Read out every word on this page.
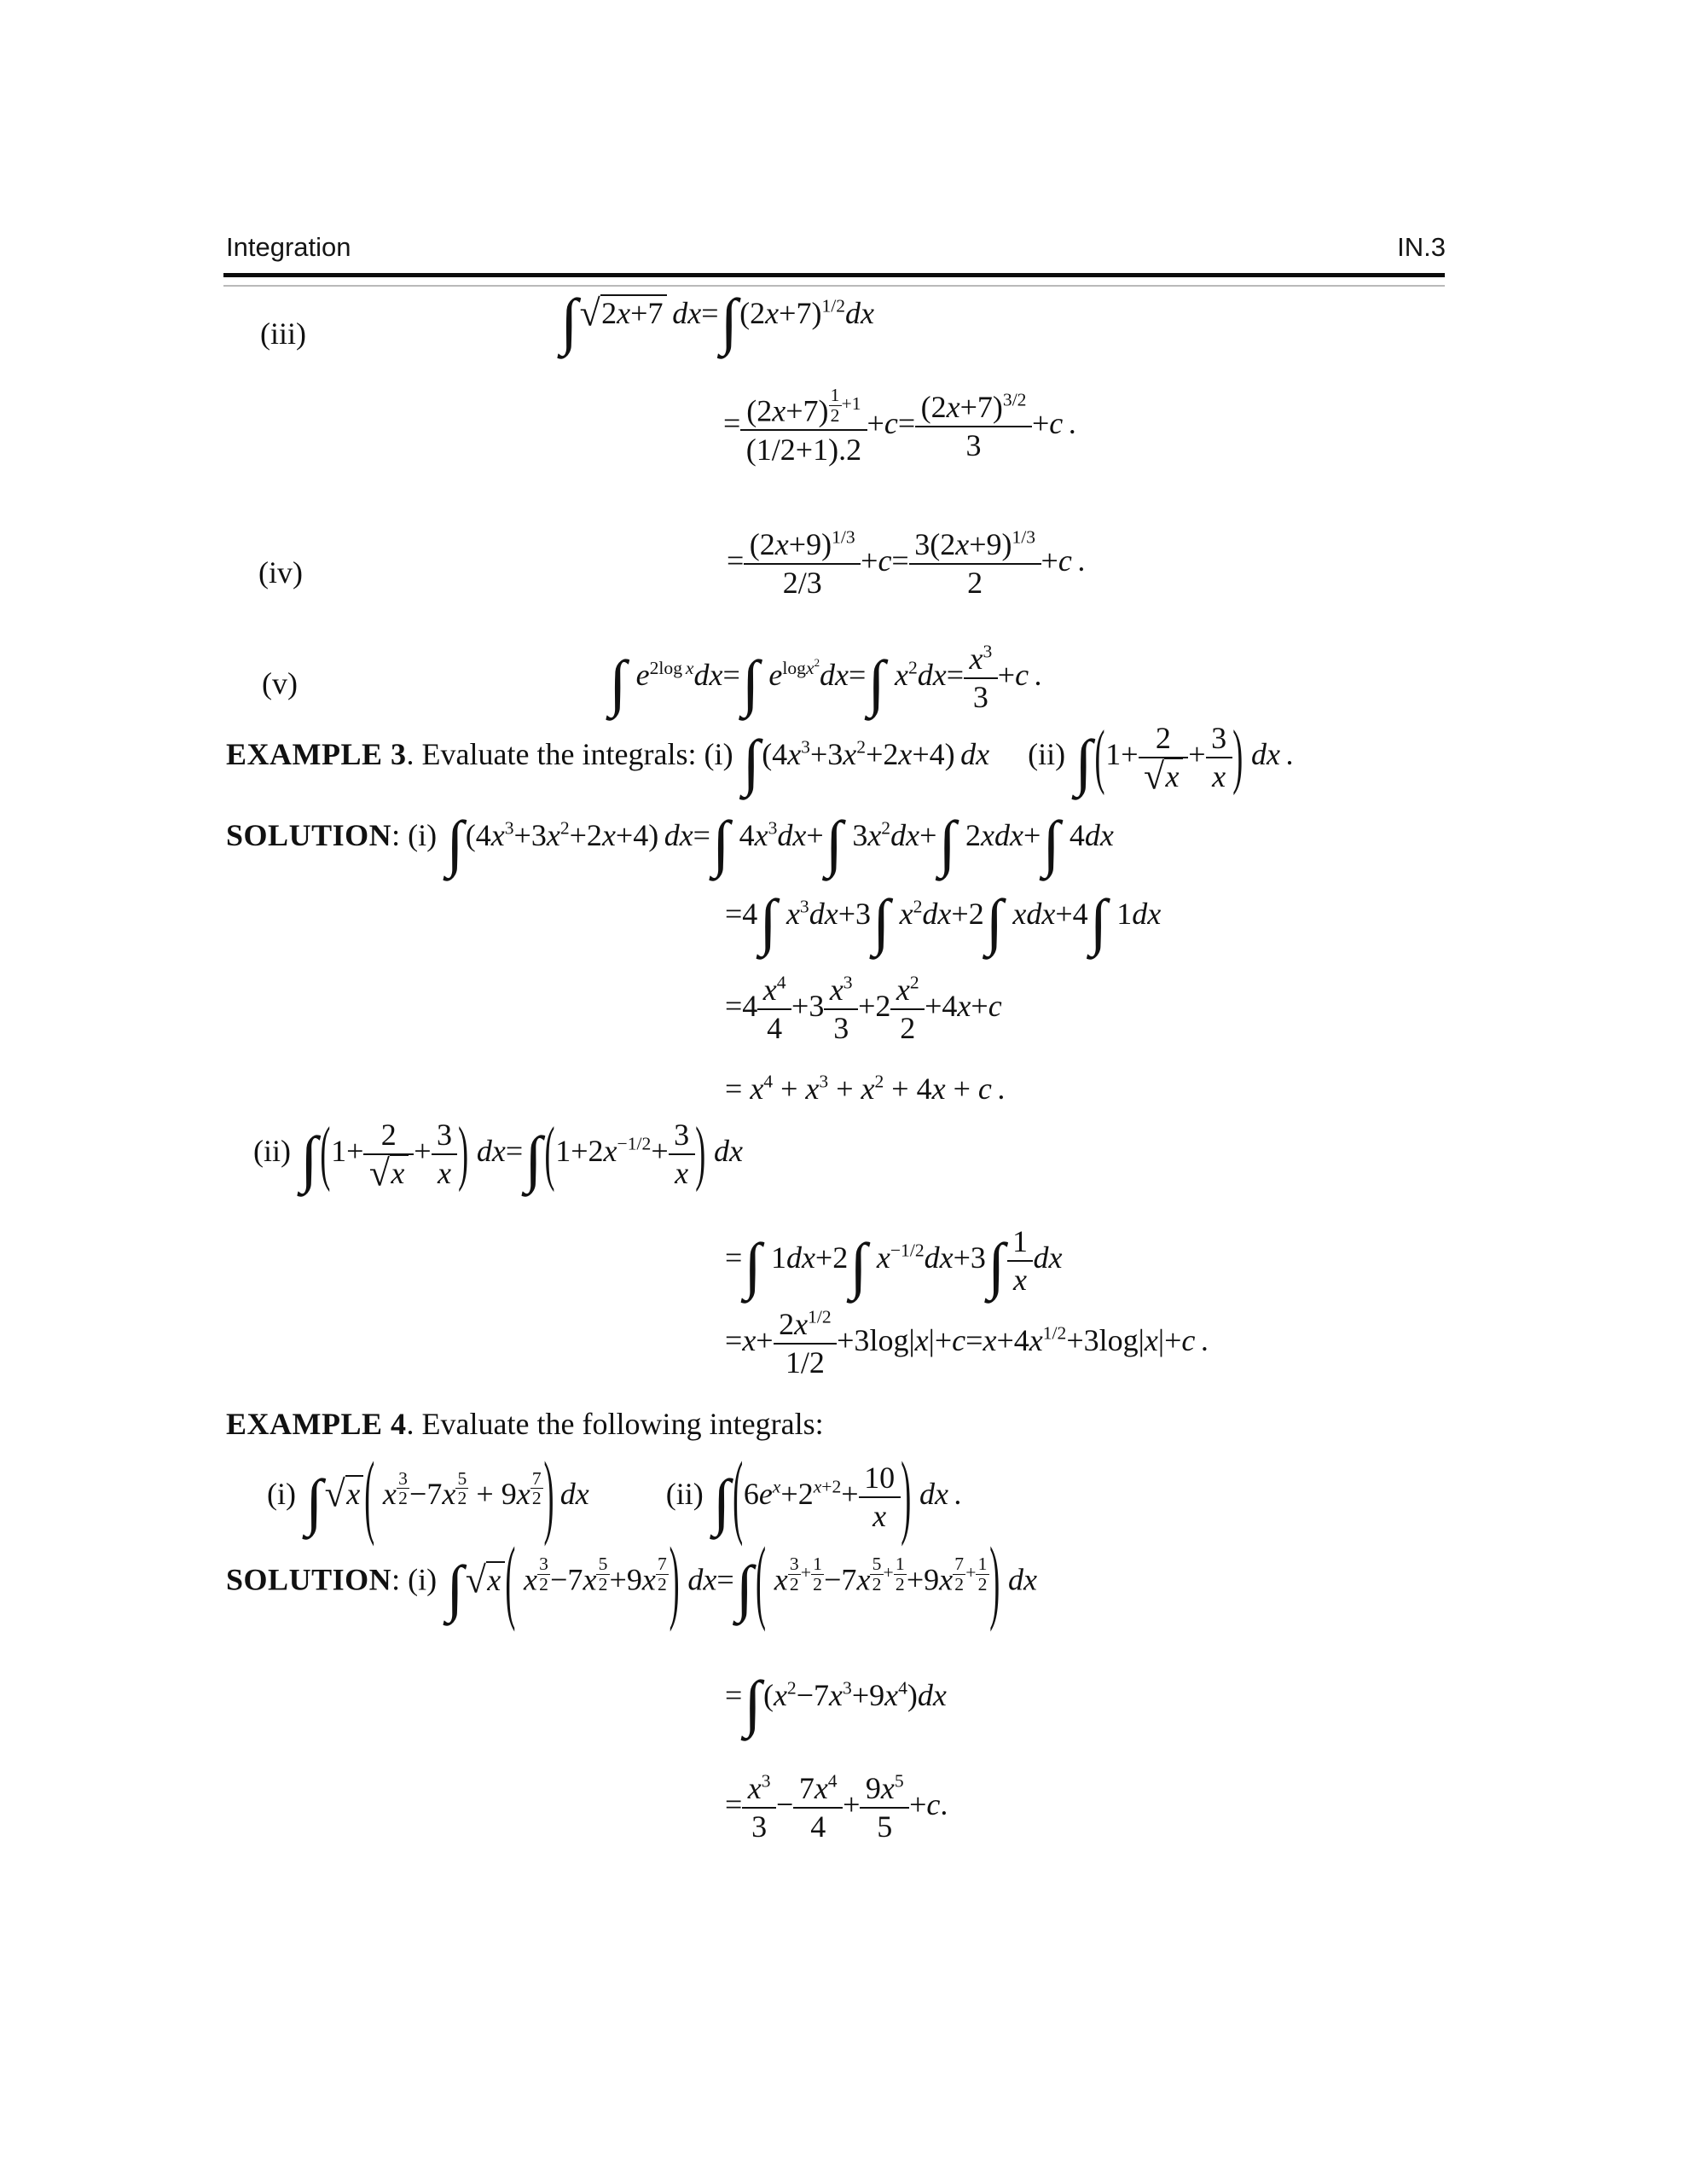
Integration	IN.3
(iii)	∫√2x+7 $dx=\int(2x+7)^{1/2}dx$
= (2x+7) $^{\frac{1}{2} +1}$
$(1/2+1).2 +c= \frac{(2x+7)^{3/2}}{3} +c$ .
(iv)	= $\frac{(2x+9)^{1/3}}{2/3} +c= \frac{3(2x+9)^{1/3}}{2} +c$ .
(v)	∫ $e^{2log x}dx=\int$ $e^{logx^2}dx=\int$ $x^2dx= \frac{x^3}{3} +c$ .
EXAMPLE 3. Evaluate the integrals: (i) $\int(4x^3+3x^2+2x+4)$ dx (ii) $\int(1+ \frac{2}{√x} + \frac{3}{x}$ ) dx .
SOLUTION: (i) $\int(4x^3+3x^2+2x+4)$ dx=∫ $4x^3dx+\int$ $3x^2dx+\int$ 2xdx+∫ 4dx
=4∫ $x^3dx+3\int$ $x^2dx+2\int$ xdx+4∫ 1dx
$=4 \frac{x^4}{4} +3 \frac{x^3}{3} +2 \frac{x^2}{2} +4x+c$
= $x^4 + x^3 + x^2 + 4x + c$ .
(ii) $\int(1+ \frac{2}{√x} + \frac{3}{x}$ ) $dx=\int(1+2x^{-1/2}+ \frac{3}{x}$ ) dx
=∫ 1dx+2∫ $x^{-1/2}dx+3\int \frac{1}{x}$ dx
$=x+ \frac{2x^{1/2}}{1/2} +3\log|x|+c=x+4x^{1/2}+3\log|x|+c$ .
EXAMPLE 4. Evaluate the following integrals:
(i) ∫√x ( x $^{\frac{3}{2}}$ −7x $^{\frac{5}{2}}$ + 9x $^{\frac{7}{2}}$ ) dx	(ii) $\int(6e^x+2^{x+2}+ \frac{10}{x}$ ) dx .
SOLUTION: (i) ∫√x ( x $^{\frac{3}{2}}$ −7x $^{\frac{5}{2}}$ +9x $^{\frac{7}{2}}$ ) dx=∫( x $^{\frac{3}{2} + \frac{1}{2}}$ −7x $^{\frac{5}{2} + \frac{1}{2}}$ +9x $^{\frac{7}{2} + \frac{1}{2}}$ ) dx
$=\int(x^2-7x^3+9x^4)dx$
= $\frac{x^3}{3} - \frac{7x^4}{4} + \frac{9x^5}{5} +c$.
